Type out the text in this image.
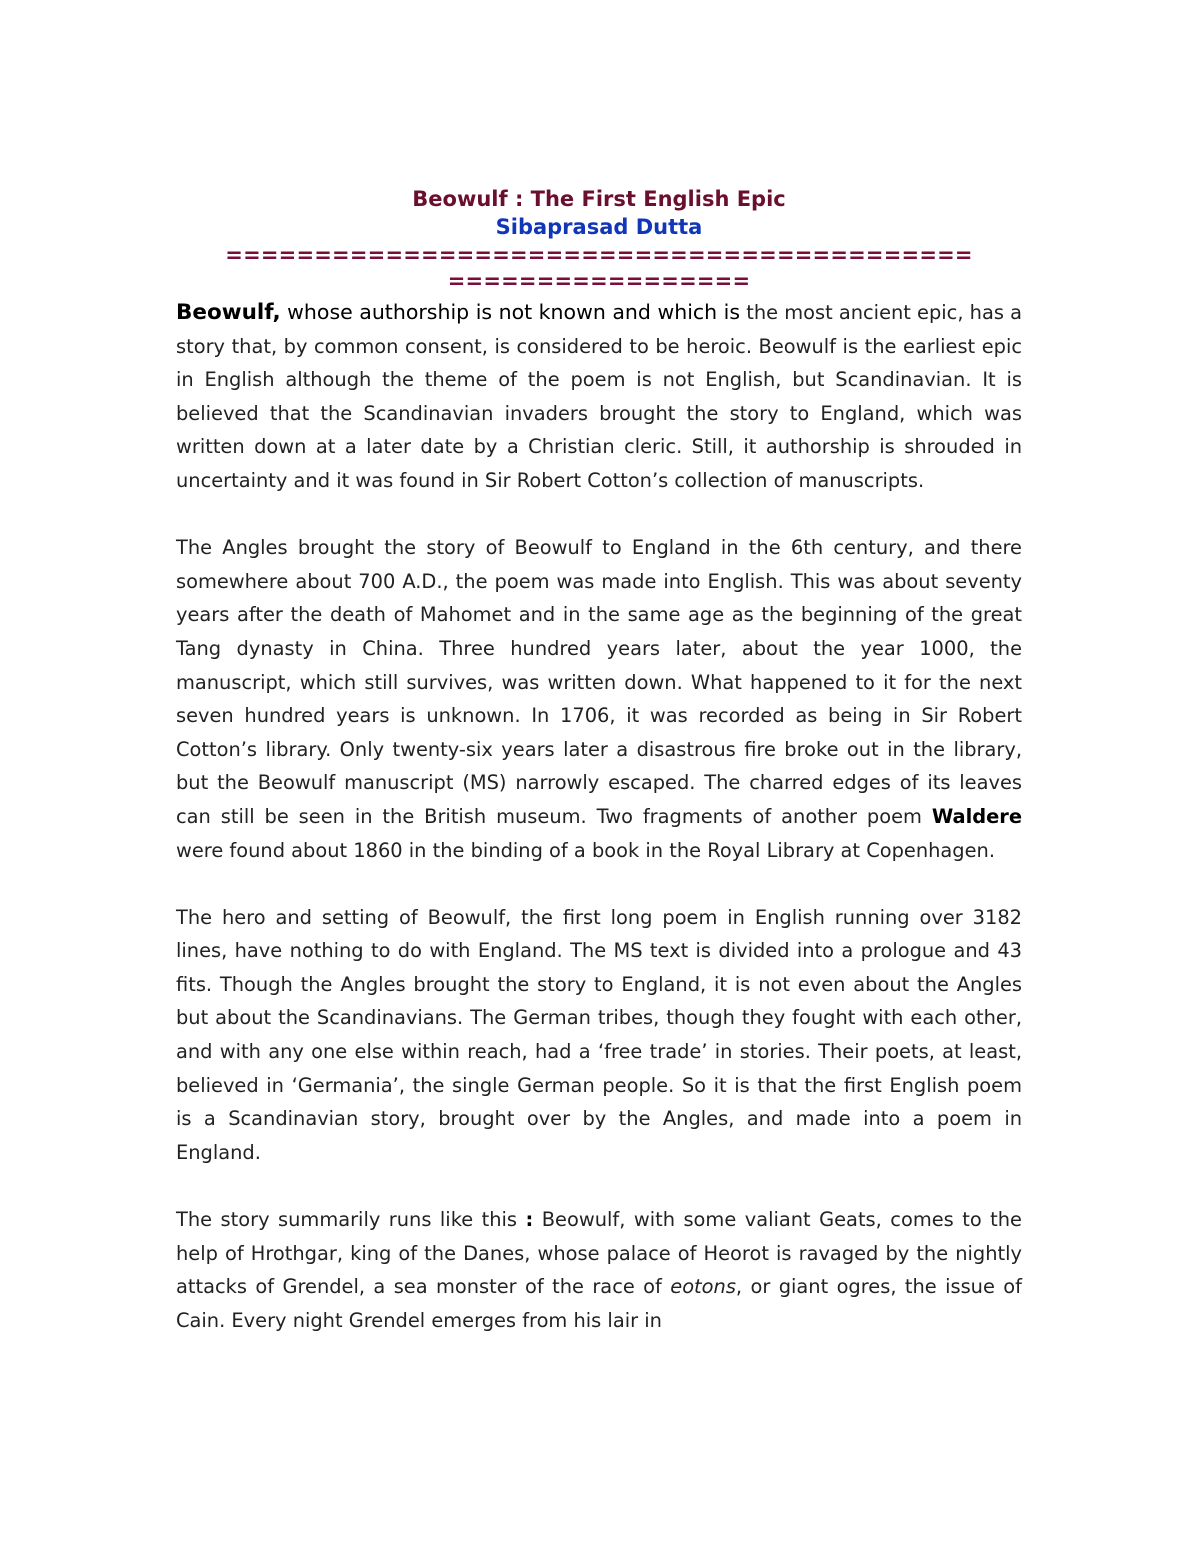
Beowulf : The First English Epic
Sibaprasad Dutta
==========================================
=================

Beowulf, whose authorship is not known and which is the most ancient epic, has a story that, by common consent, is considered to be heroic. Beowulf is the earliest epic in English although the theme of the poem is not English, but Scandinavian. It is believed that the Scandinavian invaders brought the story to England, which was written down at a later date by a Christian cleric. Still, it authorship is shrouded in uncertainty and it was found in Sir Robert Cotton’s collection of manuscripts.

The Angles brought the story of Beowulf to England in the 6th century, and there somewhere about 700 A.D., the poem was made into English. This was about seventy years after the death of Mahomet and in the same age as the beginning of the great Tang dynasty in China. Three hundred years later, about the year 1000, the manuscript, which still survives, was written down. What happened to it for the next seven hundred years is unknown. In 1706, it was recorded as being in Sir Robert Cotton’s library. Only twenty-six years later a disastrous fire broke out in the library, but the Beowulf manuscript (MS) narrowly escaped. The charred edges of its leaves can still be seen in the British museum. Two fragments of another poem Waldere were found about 1860 in the binding of a book in the Royal Library at Copenhagen.

The hero and setting of Beowulf, the first long poem in English running over 3182 lines, have nothing to do with England. The MS text is divided into a prologue and 43 fits. Though the Angles brought the story to England, it is not even about the Angles but about the Scandinavians. The German tribes, though they fought with each other, and with any one else within reach, had a ‘free trade’ in stories. Their poets, at least, believed in ‘Germania’, the single German people. So it is that the first English poem is a Scandinavian story, brought over by the Angles, and made into a poem in England.

The story summarily runs like this : Beowulf, with some valiant Geats, comes to the help of Hrothgar, king of the Danes, whose palace of Heorot is ravaged by the nightly attacks of Grendel, a sea monster of the race of eotons, or giant ogres, the issue of Cain. Every night Grendel emerges from his lair in
